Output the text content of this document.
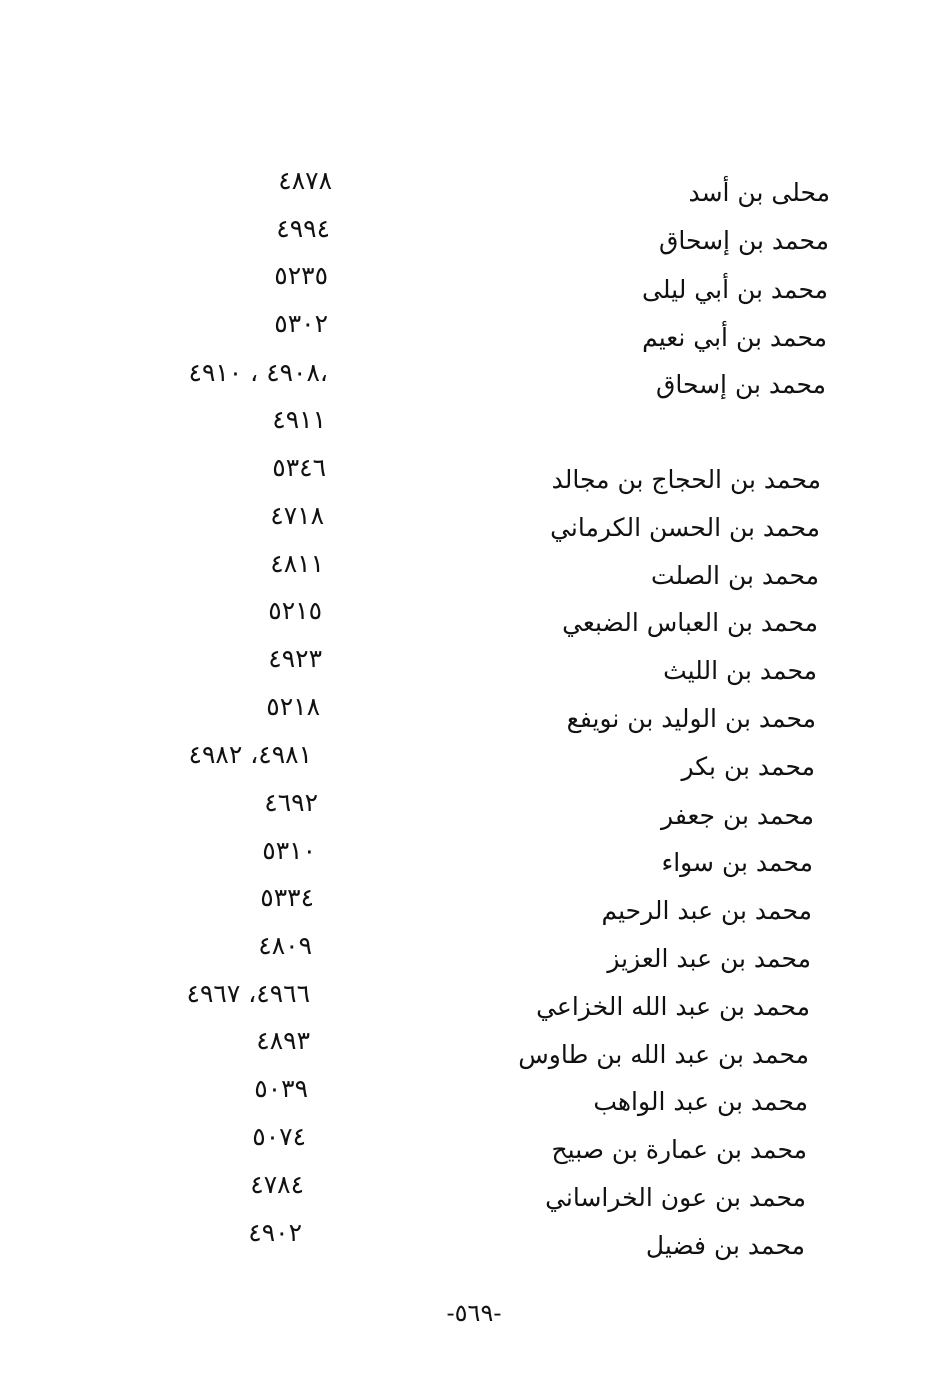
محلى بن أسد
٤٨٧٨
محمد بن إسحاق
٤٩٩٤
محمد بن أبي ليلى
٥٢٣٥
محمد بن أبي نعيم
٥٣٠٢
محمد بن إسحاق
٤٩٠٨ ، ٤٩١٠،
٤٩١١
محمد بن الحجاج بن مجالد
٥٣٤٦
محمد بن الحسن الكرماني
٤٧١٨
محمد بن الصلت
٤٨١١
محمد بن العباس الضبعي
٥٢١٥
محمد بن الليث
٤٩٢٣
محمد بن الوليد بن نويفع
٥٢١٨
محمد بن بكر
٤٩٨١، ٤٩٨٢
محمد بن جعفر
٤٦٩٢
محمد بن سواء
٥٣١٠
محمد بن عبد الرحيم
٥٣٣٤
محمد بن عبد العزيز
٤٨٠٩
محمد بن عبد الله الخزاعي
٤٩٦٦، ٤٩٦٧
محمد بن عبد الله بن طاوس
٤٨٩٣
محمد بن عبد الواهب
٥٠٣٩
محمد بن عمارة بن صبيح
٥٠٧٤
محمد بن عون الخراساني
٤٧٨٤
محمد بن فضيل
٤٩٠٢
-٥٦٩-
